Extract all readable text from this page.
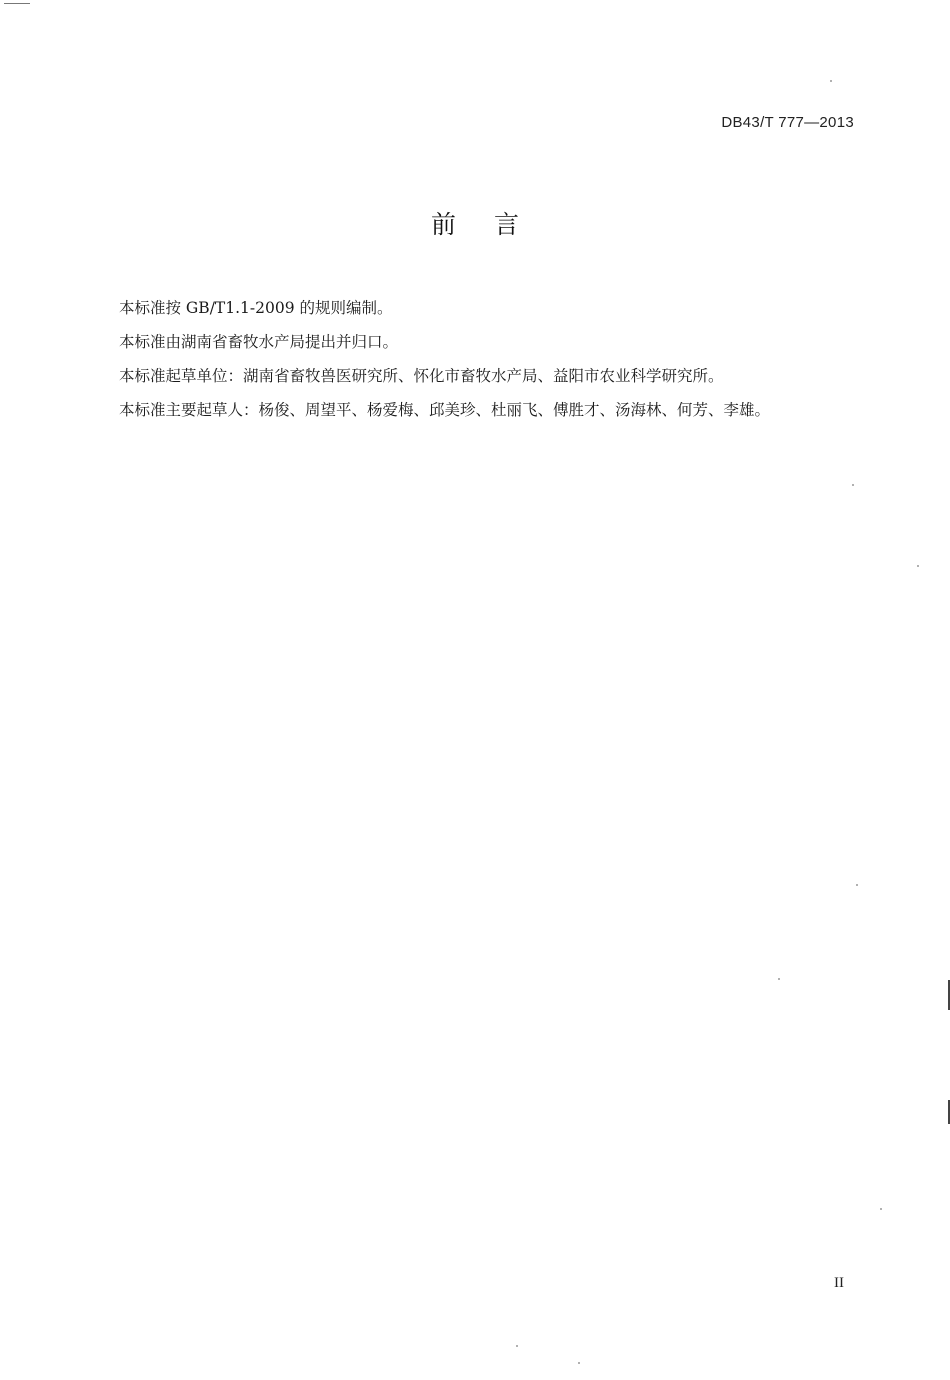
DB43/T 777—2013
前言
本标准按 GB/T1.1-2009 的规则编制。
本标准由湖南省畜牧水产局提出并归口。
本标准起草单位：湖南省畜牧兽医研究所、怀化市畜牧水产局、益阳市农业科学研究所。
本标准主要起草人：杨俊、周望平、杨爱梅、邱美珍、杜丽飞、傅胜才、汤海林、何芳、李雄。
II
